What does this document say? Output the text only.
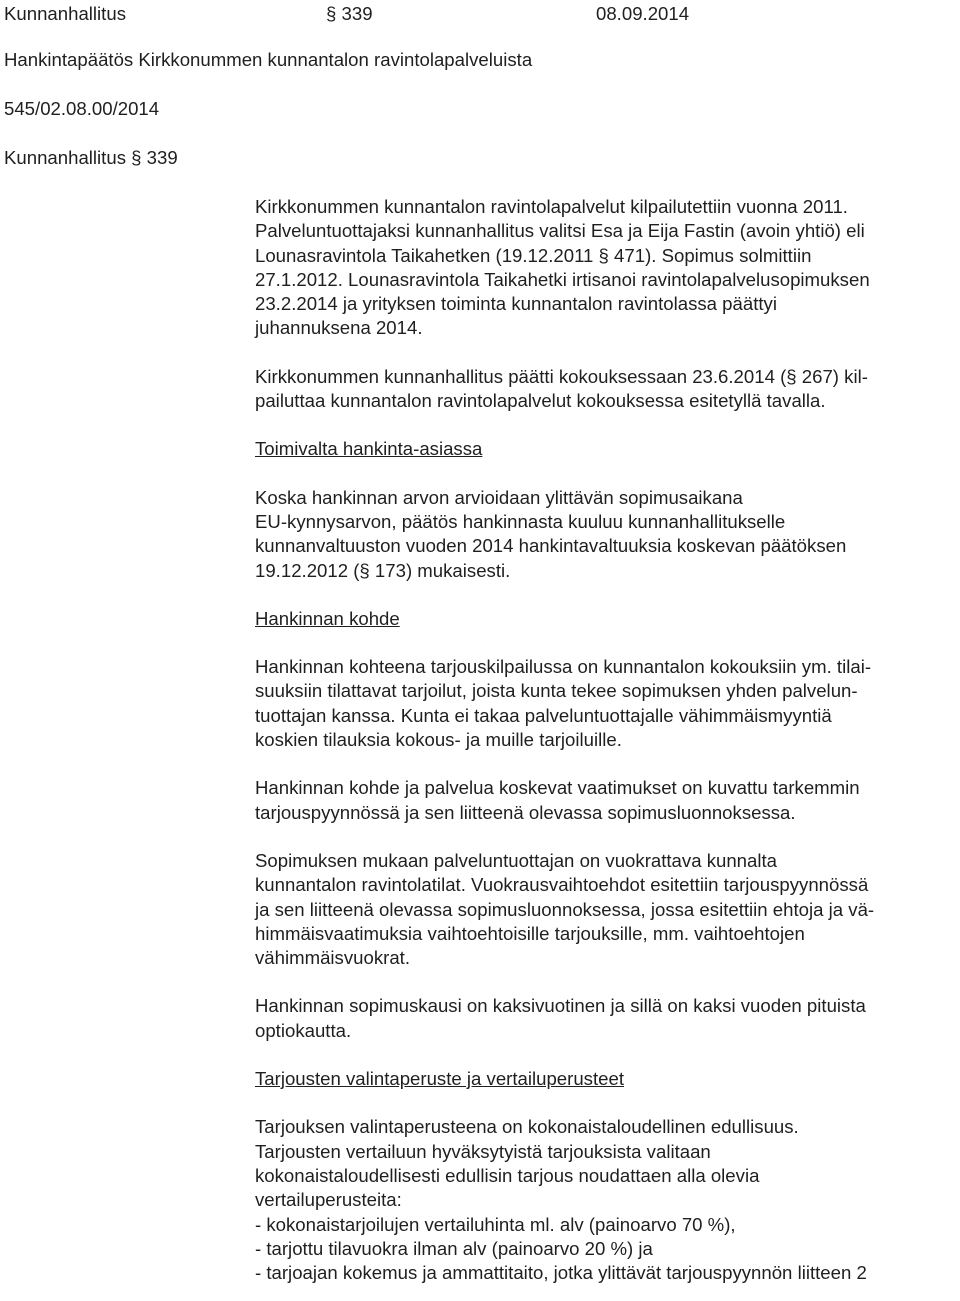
Kunnanhallitus	§ 339	08.09.2014
Hankintapäätös Kirkkonummen kunnantalon ravintolapalveluista
545/02.08.00/2014
Kunnanhallitus § 339

Kirkkonummen kunnantalon ravintolapalvelut kilpailutettiin vuonna 2011.

Palveluntuottajaksi kunnanhallitus valitsi Esa ja Eija Fastin (avoin yhtiö) eli

Lounasravintola Taikahetken (19.12.2011 § 471). Sopimus solmittiin

27.1.2012. Lounasravintola Taikahetki irtisanoi ravintolapalvelusopimuksen

23.2.2014 ja yrityksen toiminta kunnantalon ravintolassa päättyi

juhannuksena 2014.

Kirkkonummen kunnanhallitus päätti kokouksessaan 23.6.2014 (§ 267) kil-

pailuttaa kunnantalon ravintolapalvelut kokouksessa esitetyllä tavalla.

Toimivalta hankinta-asiassa

Koska hankinnan arvon arvioidaan ylittävän sopimusaikana

EU-kynnysarvon, päätös hankinnasta kuuluu kunnanhallitukselle

kunnanvaltuuston vuoden 2014 hankintavaltuuksia koskevan päätöksen

19.12.2012 (§ 173) mukaisesti.

Hankinnan kohde

Hankinnan kohteena tarjouskilpailussa on kunnantalon kokouksiin ym. tilai-

suuksiin tilattavat tarjoilut, joista kunta tekee sopimuksen yhden palvelun-

tuottajan kanssa. Kunta ei takaa palveluntuottajalle vähimmäismyyntiä

koskien tilauksia kokous- ja muille tarjoiluille.

Hankinnan kohde ja palvelua koskevat vaatimukset on kuvattu tarkemmin

tarjouspyynnössä ja sen liitteenä olevassa sopimusluonnoksessa.

Sopimuksen mukaan palveluntuottajan on vuokrattava kunnalta

kunnantalon ravintolatilat. Vuokrausvaihtoehdot esitettiin tarjouspyynnössä

ja sen liitteenä olevassa sopimusluonnoksessa, jossa esitettiin ehtoja ja vä-

himmäisvaatimuksia vaihtoehtoisille tarjouksille, mm. vaihtoehtojen

vähimmäisvuokrat.

Hankinnan sopimuskausi on kaksivuotinen ja sillä on kaksi vuoden pituista

optiokautta.

Tarjousten valintaperuste ja vertailuperusteet

Tarjouksen valintaperusteena on kokonaistaloudellinen edullisuus.

Tarjousten vertailuun hyväksytyistä tarjouksista valitaan

kokonaistaloudellisesti edullisin tarjous noudattaen alla olevia

vertailuperusteita:

- kokonaistarjoilujen vertailuhinta ml. alv (painoarvo 70 %),

- tarjottu tilavuokra ilman alv (painoarvo 20 %) ja

- tarjoajan kokemus ja ammattitaito, jotka ylittävät tarjouspyynnön liitteen 2
